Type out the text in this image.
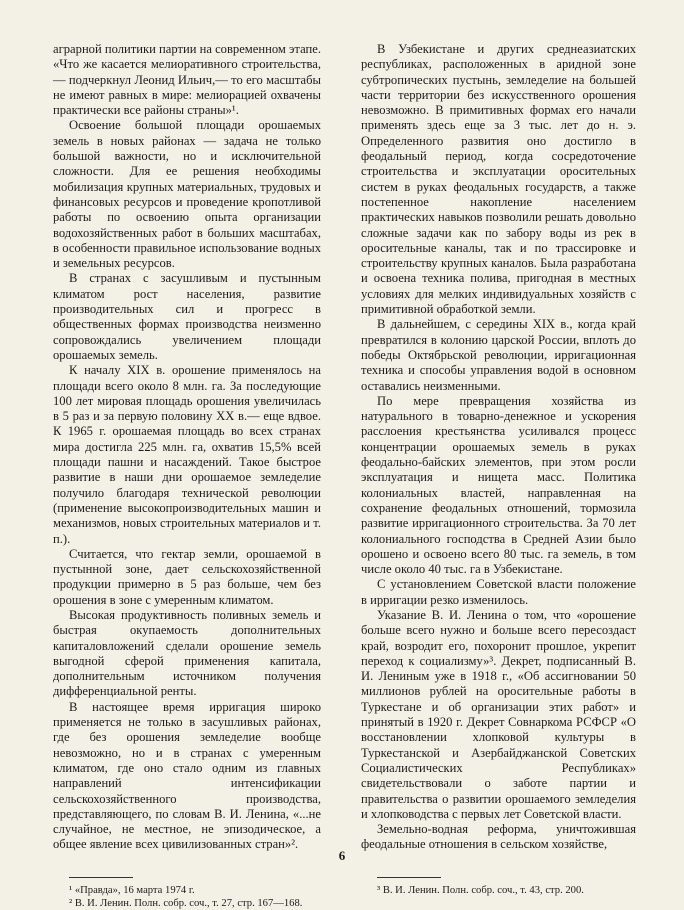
аграрной политики партии на современном этапе. «Что же касается мелиоративного строительства, — подчеркнул Леонид Ильич,— то его масштабы не имеют равных в мире: мелиорацией охвачены практически все районы страны»¹.

Освоение большой площади орошаемых земель в новых районах — задача не только большой важности, но и исключительной сложности. Для ее решения необходимы мобилизация крупных материальных, трудовых и финансовых ресурсов и проведение кропотливой работы по освоению опыта организации водохозяйственных работ в больших масштабах, в особенности правильное использование водных и земельных ресурсов.

В странах с засушливым и пустынным климатом рост населения, развитие производительных сил и прогресс в общественных формах производства неизменно сопровождались увеличением площади орошаемых земель.

К началу XIX в. орошение применялось на площади всего около 8 млн. га. За последующие 100 лет мировая площадь орошения увеличилась в 5 раз и за первую половину XX в.— еще вдвое. К 1965 г. орошаемая площадь во всех странах мира достигла 225 млн. га, охватив 15,5% всей площади пашни и насаждений. Такое быстрое развитие в наши дни орошаемое земледелие получило благодаря технической революции (применение высокопроизводительных машин и механизмов, новых строительных материалов и т. п.).

Считается, что гектар земли, орошаемой в пустынной зоне, дает сельскохозяйственной продукции примерно в 5 раз больше, чем без орошения в зоне с умеренным климатом.

Высокая продуктивность поливных земель и быстрая окупаемость дополнительных капиталовложений сделали орошение земель выгодной сферой применения капитала, дополнительным источником получения дифференциальной ренты.

В настоящее время ирригация широко применяется не только в засушливых районах, где без орошения земледелие вообще невозможно, но и в странах с умеренным климатом, где оно стало одним из главных направлений интенсификации сельскохозяйственного производства, представляющего, по словам В. И. Ленина, «...не случайное, не местное, не эпизодическое, а общее явление всех цивилизованных стран»².

¹ «Правда», 16 марта 1974 г.

² В. И. Ленин. Полн. собр. соч., т. 27, стр. 167—168.

В Узбекистане и других среднеазиатских республиках, расположенных в аридной зоне субтропических пустынь, земледелие на большей части территории без искусственного орошения невозможно. В примитивных формах его начали применять здесь еще за 3 тыс. лет до н. э. Определенного развития оно достигло в феодальный период, когда сосредоточение строительства и эксплуатации оросительных систем в руках феодальных государств, а также постепенное накопление населением практических навыков позволили решать довольно сложные задачи как по забору воды из рек в оросительные каналы, так и по трассировке и строительству крупных каналов. Была разработана и освоена техника полива, пригодная в местных условиях для мелких индивидуальных хозяйств с примитивной обработкой земли.

В дальнейшем, с середины XIX в., когда край превратился в колонию царской России, вплоть до победы Октябрьской революции, ирригационная техника и способы управления водой в основном оставались неизменными.

По мере превращения хозяйства из натурального в товарно-денежное и ускорения расслоения крестьянства усиливался процесс концентрации орошаемых земель в руках феодально-байских элементов, при этом росли эксплуатация и нищета масс. Политика колониальных властей, направленная на сохранение феодальных отношений, тормозила развитие ирригационного строительства. За 70 лет колониального господства в Средней Азии было орошено и освоено всего 80 тыс. га земель, в том числе около 40 тыс. га в Узбекистане.

С установлением Советской власти положение в ирригации резко изменилось.

Указание В. И. Ленина о том, что «орошение больше всего нужно и больше всего пересоздаст край, возродит его, похоронит прошлое, укрепит переход к социализму»³. Декрет, подписанный В. И. Лениным уже в 1918 г., «Об ассигновании 50 миллионов рублей на оросительные работы в Туркестане и об организации этих работ» и принятый в 1920 г. Декрет Совнаркома РСФСР «О восстановлении хлопковой культуры в Туркестанской и Азербайджанской Советских Социалистических Республиках» свидетельствовали о заботе партии и правительства о развитии орошаемого земледелия и хлопководства с первых лет Советской власти.

Земельно-водная реформа, уничтожившая феодальные отношения в сельском хозяйстве,

³ В. И. Ленин. Полн. собр. соч., т. 43, стр. 200.

6
